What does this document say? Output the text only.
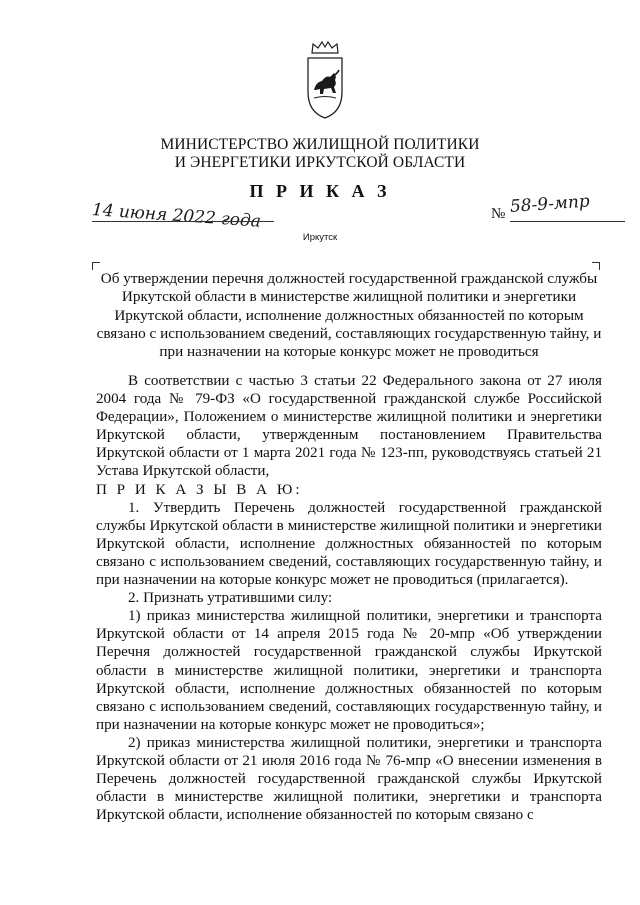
МИНИСТЕРСТВО ЖИЛИЩНОЙ ПОЛИТИКИ
И ЭНЕРГЕТИКИ ИРКУТСКОЙ ОБЛАСТИ
П Р И К А З
14 июня 2022 года	№ 58-9-мпр
Иркутск
Об утверждении перечня должностей государственной гражданской службы Иркутской области в министерстве жилищной политики и энергетики Иркутской области, исполнение должностных обязанностей по которым связано с использованием сведений, составляющих государственную тайну, и при назначении на которые конкурс может не проводиться

В соответствии с частью 3 статьи 22 Федерального закона от 27 июля 2004 года № 79-ФЗ «О государственной гражданской службе Российской Федерации», Положением о министерстве жилищной политики и энергетики Иркутской области, утвержденным постановлением Правительства Иркутской области от 1 марта 2021 года № 123-пп, руководствуясь статьей 21 Устава Иркутской области,

П Р И К А З Ы В А Ю:

1. Утвердить Перечень должностей государственной гражданской службы Иркутской области в министерстве жилищной политики и энергетики Иркутской области, исполнение должностных обязанностей по которым связано с использованием сведений, составляющих государственную тайну, и при назначении на которые конкурс может не проводиться (прилагается).

2. Признать утратившими силу:

1) приказ министерства жилищной политики, энергетики и транспорта Иркутской области от 14 апреля 2015 года № 20-мпр «Об утверждении Перечня должностей государственной гражданской службы Иркутской области в министерстве жилищной политики, энергетики и транспорта Иркутской области, исполнение должностных обязанностей по которым связано с использованием сведений, составляющих государственную тайну, и при назначении на которые конкурс может не проводиться»;

2) приказ министерства жилищной политики, энергетики и транспорта Иркутской области от 21 июля 2016 года № 76-мпр «О внесении изменения в Перечень должностей государственной гражданской службы Иркутской области в министерстве жилищной политики, энергетики и транспорта Иркутской области, исполнение обязанностей по которым связано с
